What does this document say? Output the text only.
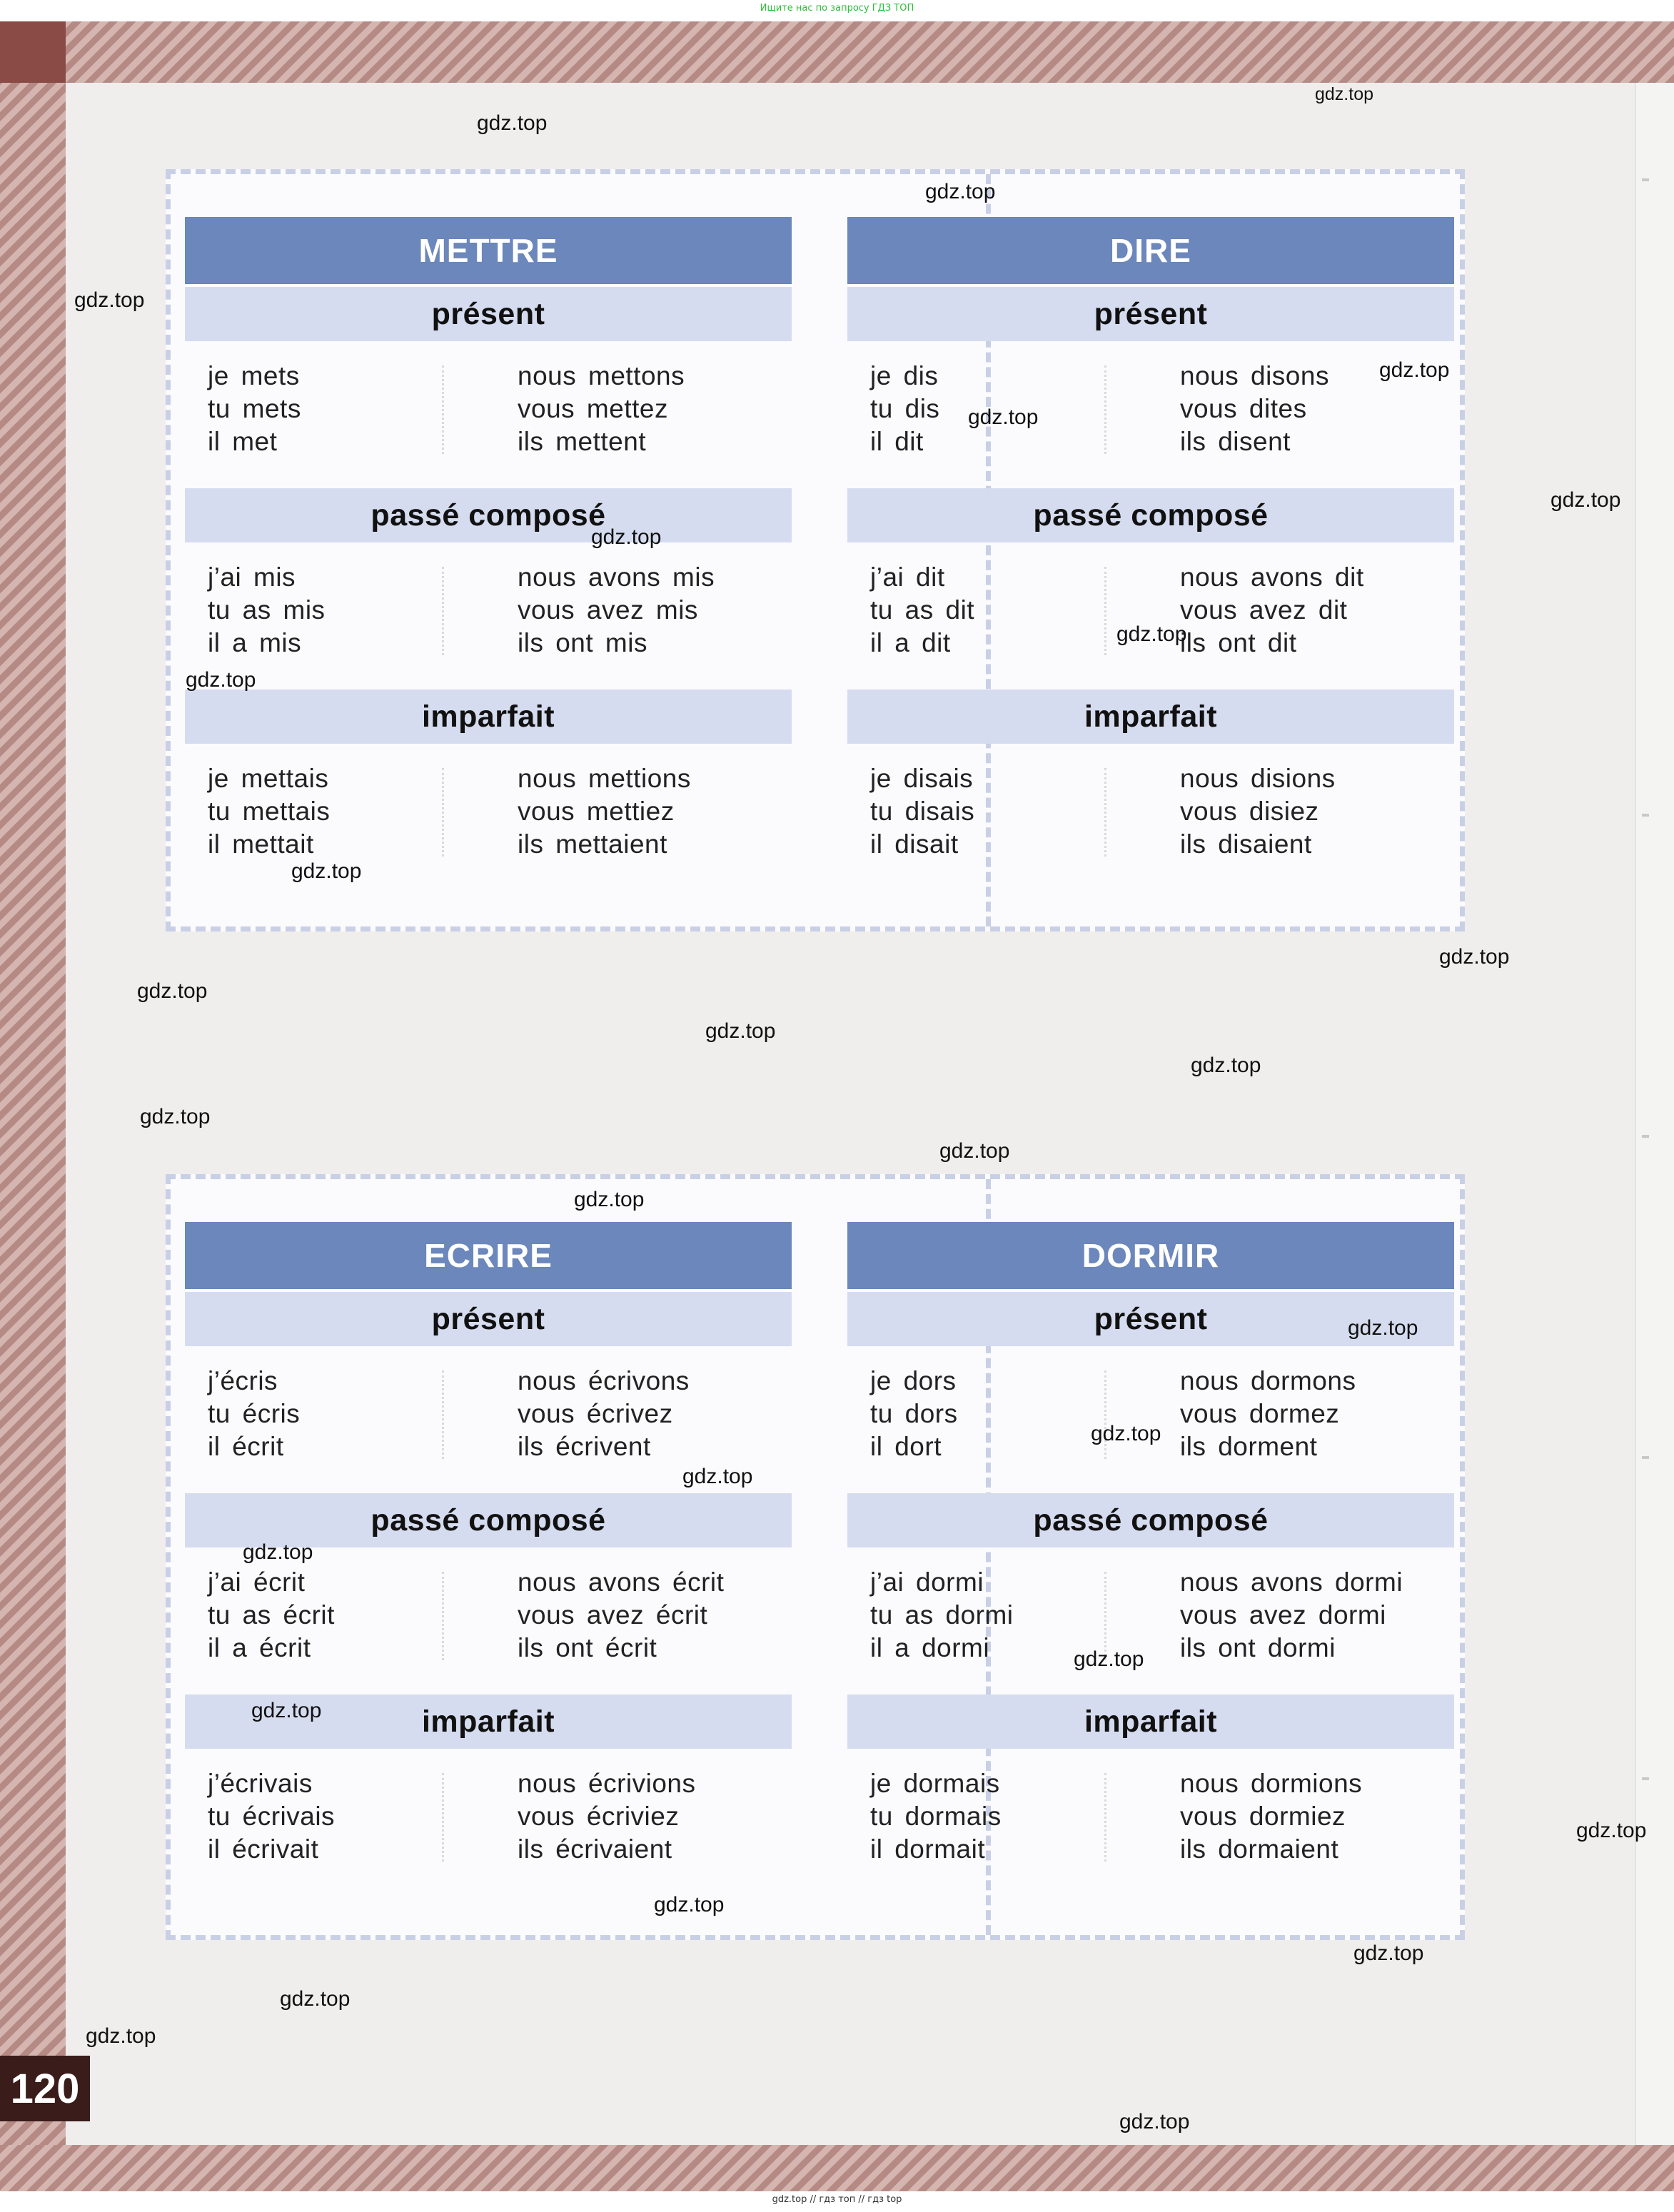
Ищите нас по запросу ГДЗ ТОП
METTRE
présent
je mets
tu mets
il met
nous mettons
vous mettez
ils mettent
passé composé
j’ai mis
tu as mis
il a mis
nous avons mis
vous avez mis
ils ont mis
imparfait
je mettais
tu mettais
il mettait
nous mettions
vous mettiez
ils mettaient
DIRE
présent
je dis
tu dis
il dit
nous disons
vous dites
ils disent
passé composé
j’ai dit
tu as dit
il a dit
nous avons dit
vous avez dit
ils ont dit
imparfait
je disais
tu disais
il disait
nous disions
vous disiez
ils disaient
ECRIRE
présent
j’écris
tu écris
il écrit
nous écrivons
vous écrivez
ils écrivent
passé composé
j’ai écrit
tu as écrit
il a écrit
nous avons écrit
vous avez écrit
ils ont écrit
imparfait
j’écrivais
tu écrivais
il écrivait
nous écrivions
vous écriviez
ils écrivaient
DORMIR
présent
je dors
tu dors
il dort
nous dormons
vous dormez
ils dorment
passé composé
j’ai dormi
tu as dormi
il a dormi
nous avons dormi
vous avez dormi
ils ont dormi
imparfait
je dormais
tu dormais
il dormait
nous dormions
vous dormiez
ils dormaient
120
gdz.top
gdz.top
gdz.top
gdz.top
gdz.top
gdz.top
gdz.top
gdz.top
gdz.top
gdz.top
gdz.top
gdz.top
gdz.top
gdz.top
gdz.top
gdz.top
gdz.top
gdz.top
gdz.top
gdz.top
gdz.top
gdz.top
gdz.top
gdz.top
gdz.top
gdz.top
gdz.top
gdz.top
gdz.top
gdz.top
gdz.top // гдз топ // гдз top
